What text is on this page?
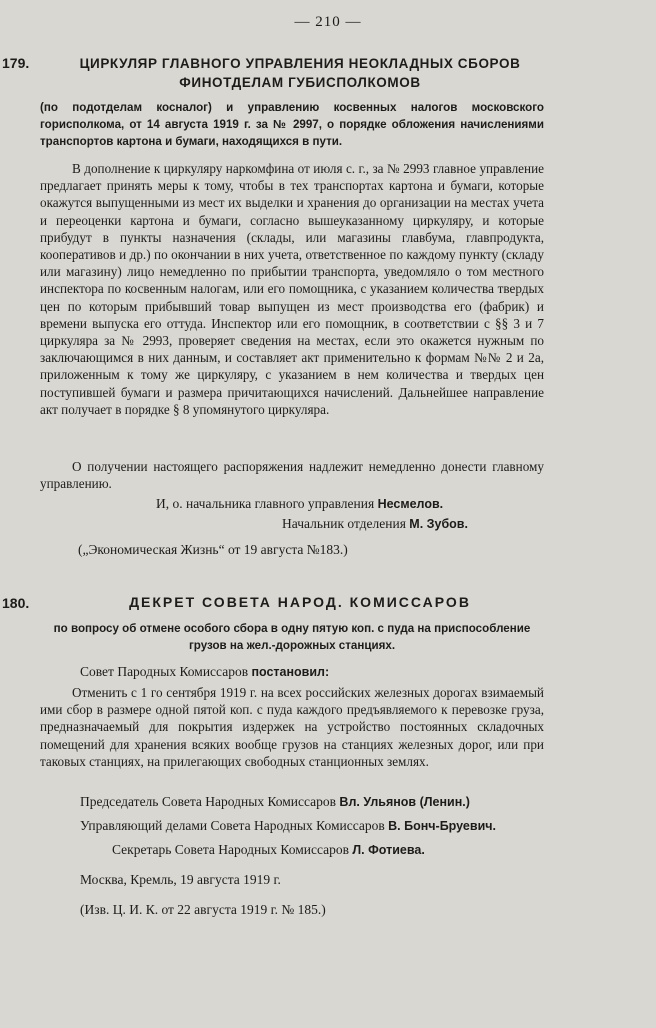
— 210 —
179.	ЦИРКУЛЯР ГЛАВНОГО УПРАВЛЕНИЯ НЕОКЛАДНЫХ СБОРОВ
ФИНОТДЕЛАМ ГУБИСПОЛКОМОВ
(по подотделам косналог) и управлению косвенных налогов московского горисполкома, от 14 августа 1919 г. за № 2997, о порядке обложения начислениями транспортов картона и бумаги, находящихся в пути.
В дополнение к циркуляру наркомфина от июля с. г., за № 2993 главное управление предлагает принять меры к тому, чтобы в тех транспортах картона и бумаги, которые окажутся выпущенными из мест их выделки и хранения до организации на местах учета и переоценки картона и бумаги, согласно вышеуказанному циркуляру, и которые прибудут в пункты назначения (склады, или магазины главбума, главпродукта, кооперативов и др.) по окончании в них учета, ответственное по каждому пункту (складу или магазину) лицо немедленно по прибытии транспорта, уведомляло о том местного инспектора по косвенным налогам, или его помощника, с указанием количества твердых цен по которым прибывший товар выпущен из мест производства его (фабрик) и времени выпуска его оттуда. Инспектор или его помощник, в соответствии с §§ 3 и 7 циркуляра за № 2993, проверяет сведения на местах, если это окажется нужным по заключающимся в них данным, и составляет акт применительно к формам №№ 2 и 2а, приложенным к тому же циркуляру, с указанием в нем количества и твердых цен поступившей бумаги и размера причитающихся начислений. Дальнейшее направление акт получает в порядке § 8 упомянутого циркуляра.
О получении настоящего распоряжения надлежит немедленно донести главному управлению.
И, о. начальника главного управления Несмелов.
Начальник отделения М. Зубов.
(„Экономическая Жизнь“ от 19 августа №183.)
180.	ДЕКРЕТ СОВЕТА НАРОД. КОМИССАРОВ
по вопросу об отмене особого сбора в одну пятую коп. с пуда на приспособление грузов на жел.-дорожных станциях.
Совет Пародных Комиссаров постановил:
Отменить с 1 го сентября 1919 г. на всех российских железных дорогах взимаемый ими сбор в размере одной пятой коп. с пуда каждого предъявляемого к перевозке груза, предназначаемый для покрытия издержек на устройство постоянных складочных помещений для хранения всяких вообще грузов на станциях железных дорог, или при таковых станциях, на прилегающих свободных станционных землях.
Председатель Совета Народных Комиссаров Вл. Ульянов (Ленин.)
Управляющий делами Совета Народных Комиссаров В. Бонч-Бруевич.
Секретарь Совета Народных Комиссаров Л. Фотиева.
Москва, Кремль, 19 августа 1919 г.
(Изв. Ц. И. К. от 22 августа 1919 г. № 185.)
